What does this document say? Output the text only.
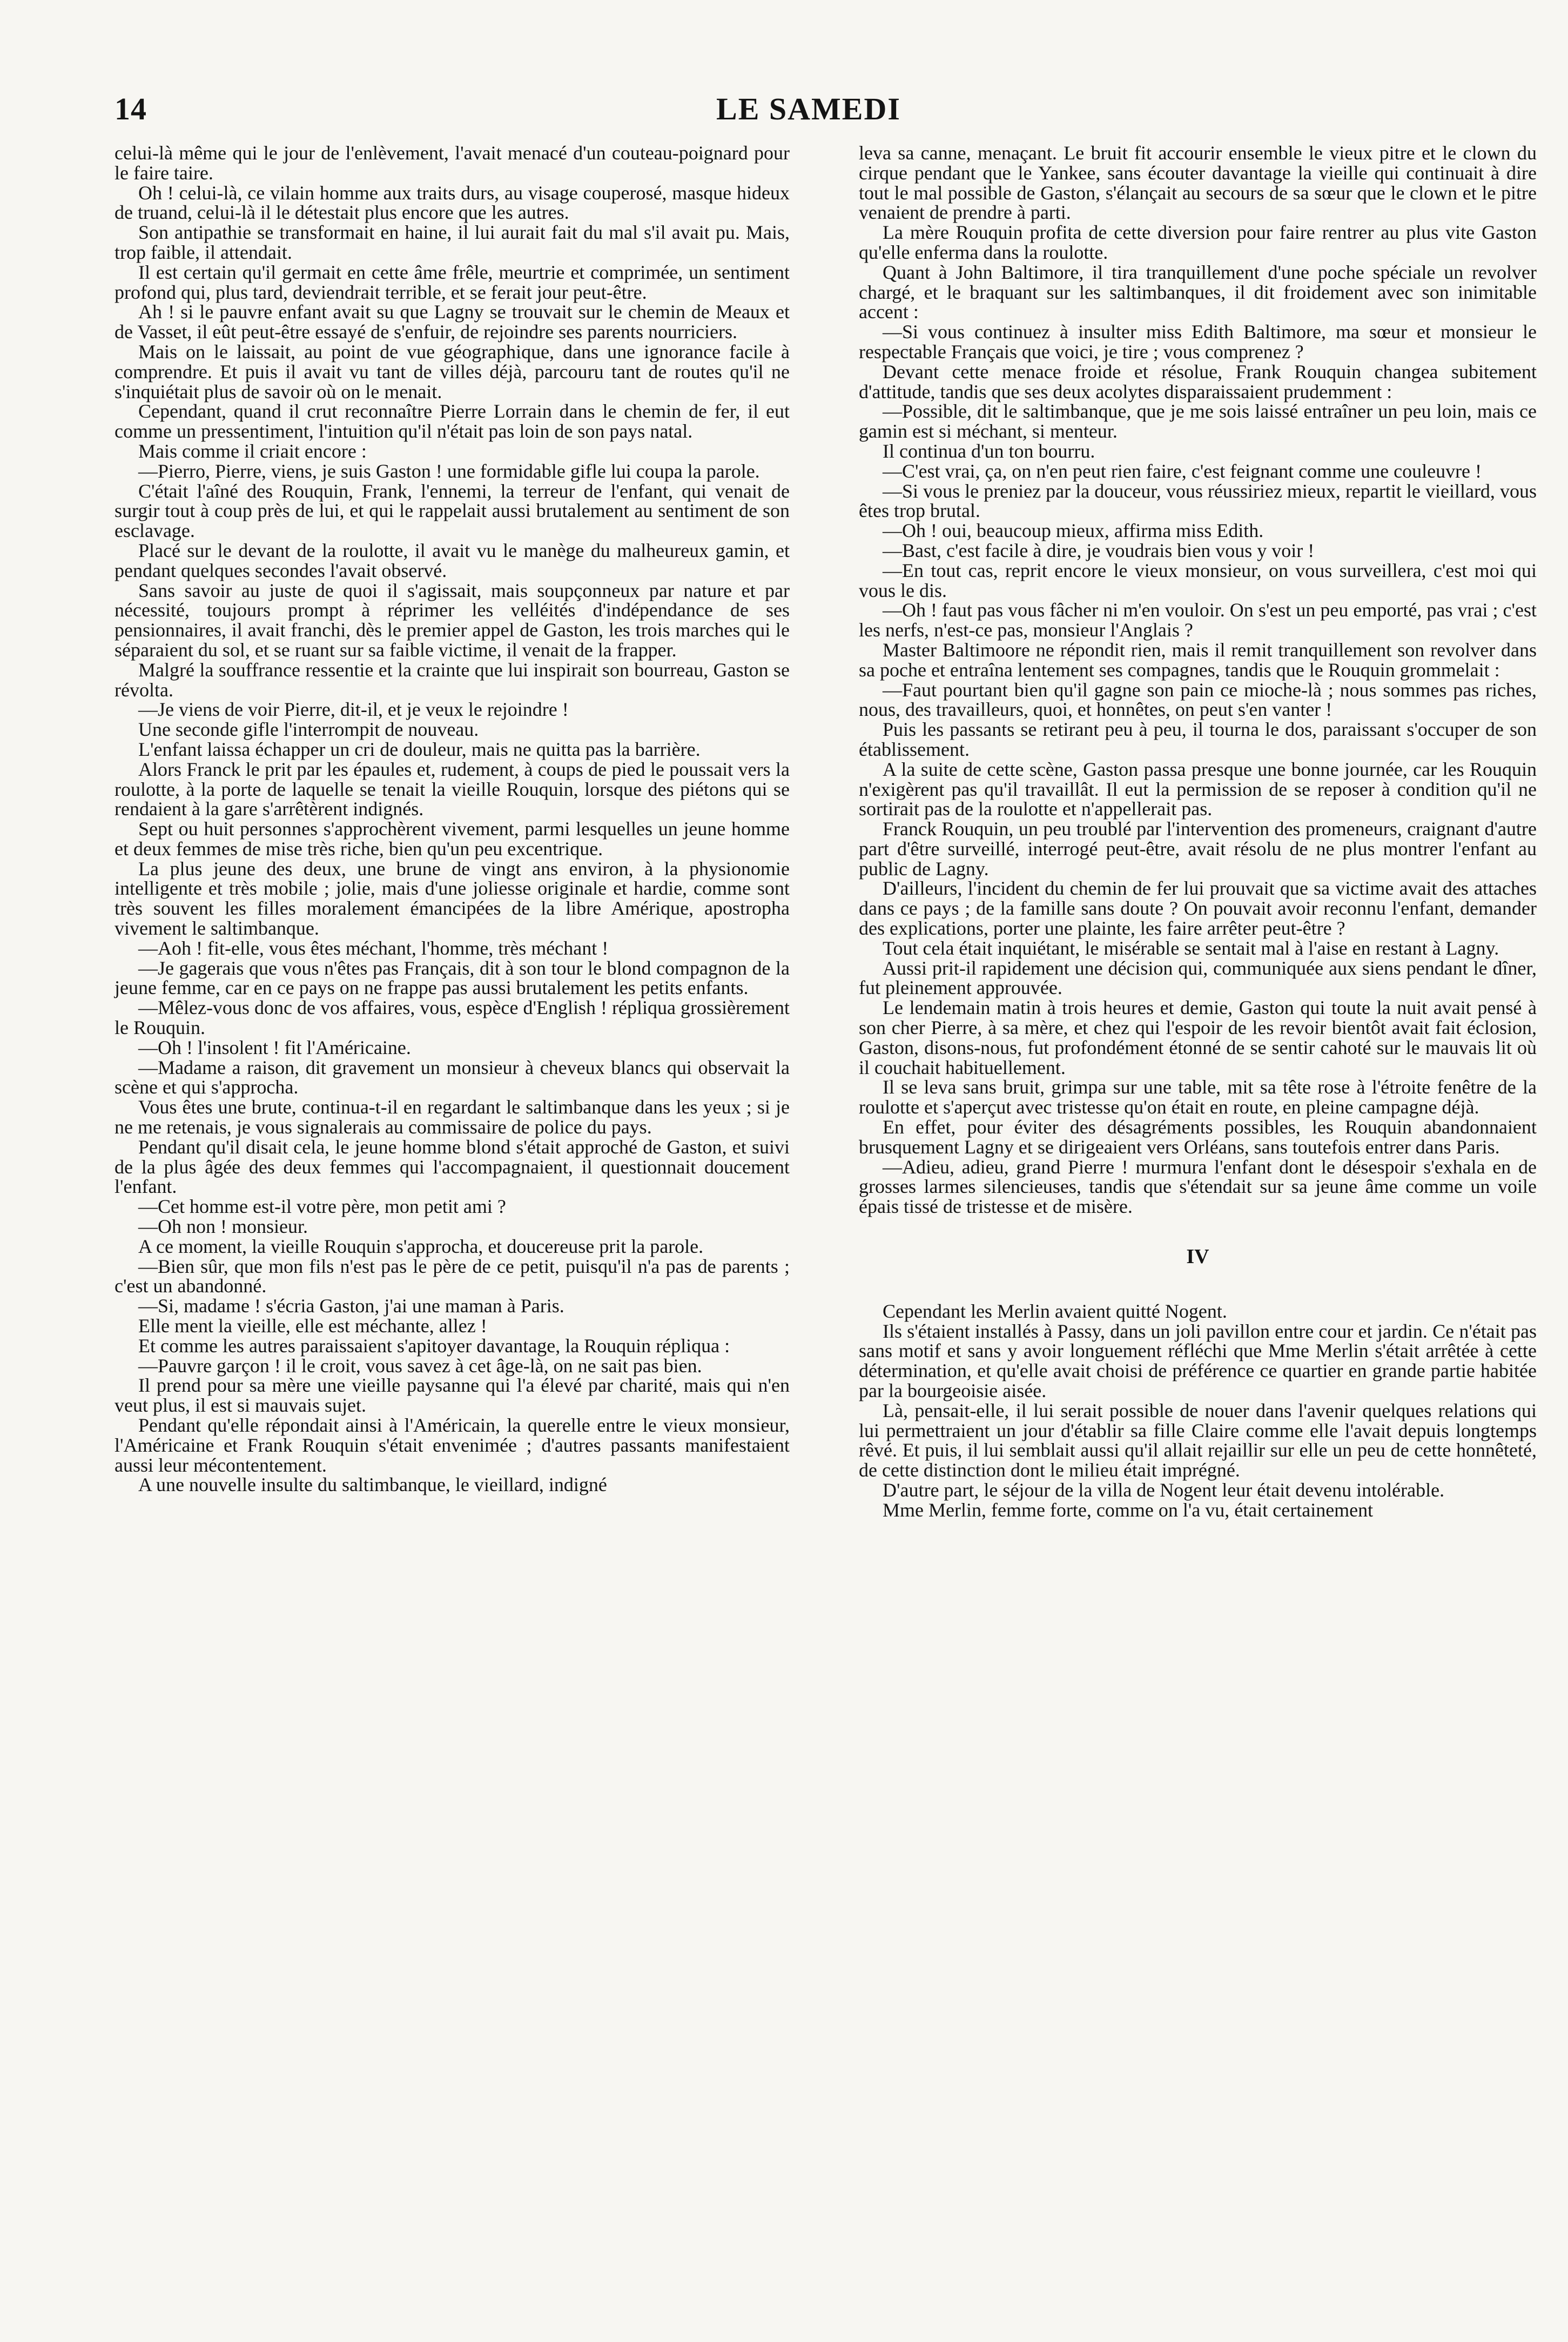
14	LE SAMEDI

celui-là même qui le jour de l'enlèvement, l'avait menacé d'un couteau-poignard pour le faire taire.

Oh ! celui-là, ce vilain homme aux traits durs, au visage couperosé, masque hideux de truand, celui-là il le détestait plus encore que les autres.

Son antipathie se transformait en haine, il lui aurait fait du mal s'il avait pu. Mais, trop faible, il attendait.

Il est certain qu'il germait en cette âme frêle, meurtrie et comprimée, un sentiment profond qui, plus tard, deviendrait terrible, et se ferait jour peut-être.

Ah ! si le pauvre enfant avait su que Lagny se trouvait sur le chemin de Meaux et de Vasset, il eût peut-être essayé de s'enfuir, de rejoindre ses parents nourriciers.

Mais on le laissait, au point de vue géographique, dans une ignorance facile à comprendre. Et puis il avait vu tant de villes déjà, parcouru tant de routes qu'il ne s'inquiétait plus de savoir où on le menait.

Cependant, quand il crut reconnaître Pierre Lorrain dans le chemin de fer, il eut comme un pressentiment, l'intuition qu'il n'était pas loin de son pays natal.

Mais comme il criait encore :

—Pierro, Pierre, viens, je suis Gaston ! une formidable gifle lui coupa la parole.

C'était l'aîné des Rouquin, Frank, l'ennemi, la terreur de l'enfant, qui venait de surgir tout à coup près de lui, et qui le rappelait aussi brutalement au sentiment de son esclavage.

Placé sur le devant de la roulotte, il avait vu le manège du malheureux gamin, et pendant quelques secondes l'avait observé.

Sans savoir au juste de quoi il s'agissait, mais soupçonneux par nature et par nécessité, toujours prompt à réprimer les velléités d'indépendance de ses pensionnaires, il avait franchi, dès le premier appel de Gaston, les trois marches qui le séparaient du sol, et se ruant sur sa faible victime, il venait de la frapper.

Malgré la souffrance ressentie et la crainte que lui inspirait son bourreau, Gaston se révolta.

—Je viens de voir Pierre, dit-il, et je veux le rejoindre !

Une seconde gifle l'interrompit de nouveau.

L'enfant laissa échapper un cri de douleur, mais ne quitta pas la barrière.

Alors Franck le prit par les épaules et, rudement, à coups de pied le poussait vers la roulotte, à la porte de laquelle se tenait la vieille Rouquin, lorsque des piétons qui se rendaient à la gare s'arrêtèrent indignés.

Sept ou huit personnes s'approchèrent vivement, parmi lesquelles un jeune homme et deux femmes de mise très riche, bien qu'un peu excentrique.

La plus jeune des deux, une brune de vingt ans environ, à la physionomie intelligente et très mobile ; jolie, mais d'une joliesse originale et hardie, comme sont très souvent les filles moralement émancipées de la libre Amérique, apostropha vivement le saltimbanque.

—Aoh ! fit-elle, vous êtes méchant, l'homme, très méchant !

—Je gagerais que vous n'êtes pas Français, dit à son tour le blond compagnon de la jeune femme, car en ce pays on ne frappe pas aussi brutalement les petits enfants.

—Mêlez-vous donc de vos affaires, vous, espèce d'English ! répliqua grossièrement le Rouquin.

—Oh ! l'insolent ! fit l'Américaine.

—Madame a raison, dit gravement un monsieur à cheveux blancs qui observait la scène et qui s'approcha.

Vous êtes une brute, continua-t-il en regardant le saltimbanque dans les yeux ; si je ne me retenais, je vous signalerais au commissaire de police du pays.

Pendant qu'il disait cela, le jeune homme blond s'était approché de Gaston, et suivi de la plus âgée des deux femmes qui l'accompagnaient, il questionnait doucement l'enfant.

—Cet homme est-il votre père, mon petit ami ?

—Oh non ! monsieur.

A ce moment, la vieille Rouquin s'approcha, et doucereuse prit la parole.

—Bien sûr, que mon fils n'est pas le père de ce petit, puisqu'il n'a pas de parents ; c'est un abandonné.

—Si, madame ! s'écria Gaston, j'ai une maman à Paris.

Elle ment la vieille, elle est méchante, allez !

Et comme les autres paraissaient s'apitoyer davantage, la Rouquin répliqua :

—Pauvre garçon ! il le croit, vous savez à cet âge-là, on ne sait pas bien.

Il prend pour sa mère une vieille paysanne qui l'a élevé par charité, mais qui n'en veut plus, il est si mauvais sujet.

Pendant qu'elle répondait ainsi à l'Américain, la querelle entre le vieux monsieur, l'Américaine et Frank Rouquin s'était envenimée ; d'autres passants manifestaient aussi leur mécontentement.

A une nouvelle insulte du saltimbanque, le vieillard, indigné

leva sa canne, menaçant. Le bruit fit accourir ensemble le vieux pitre et le clown du cirque pendant que le Yankee, sans écouter davantage la vieille qui continuait à dire tout le mal possible de Gaston, s'élançait au secours de sa sœur que le clown et le pitre venaient de prendre à parti.

La mère Rouquin profita de cette diversion pour faire rentrer au plus vite Gaston qu'elle enferma dans la roulotte.

Quant à John Baltimore, il tira tranquillement d'une poche spéciale un revolver chargé, et le braquant sur les saltimbanques, il dit froidement avec son inimitable accent :

—Si vous continuez à insulter miss Edith Baltimore, ma sœur et monsieur le respectable Français que voici, je tire ; vous comprenez ?

Devant cette menace froide et résolue, Frank Rouquin changea subitement d'attitude, tandis que ses deux acolytes disparaissaient prudemment :

—Possible, dit le saltimbanque, que je me sois laissé entraîner un peu loin, mais ce gamin est si méchant, si menteur.

Il continua d'un ton bourru.

—C'est vrai, ça, on n'en peut rien faire, c'est feignant comme une couleuvre !

—Si vous le preniez par la douceur, vous réussiriez mieux, repartit le vieillard, vous êtes trop brutal.

—Oh ! oui, beaucoup mieux, affirma miss Edith.

—Bast, c'est facile à dire, je voudrais bien vous y voir !

—En tout cas, reprit encore le vieux monsieur, on vous surveillera, c'est moi qui vous le dis.

—Oh ! faut pas vous fâcher ni m'en vouloir. On s'est un peu emporté, pas vrai ; c'est les nerfs, n'est-ce pas, monsieur l'Anglais ?

Master Baltimoore ne répondit rien, mais il remit tranquillement son revolver dans sa poche et entraîna lentement ses compagnes, tandis que le Rouquin grommelait :

—Faut pourtant bien qu'il gagne son pain ce mioche-là ; nous sommes pas riches, nous, des travailleurs, quoi, et honnêtes, on peut s'en vanter !

Puis les passants se retirant peu à peu, il tourna le dos, paraissant s'occuper de son établissement.

A la suite de cette scène, Gaston passa presque une bonne journée, car les Rouquin n'exigèrent pas qu'il travaillât. Il eut la permission de se reposer à condition qu'il ne sortirait pas de la roulotte et n'appellerait pas.

Franck Rouquin, un peu troublé par l'intervention des promeneurs, craignant d'autre part d'être surveillé, interrogé peut-être, avait résolu de ne plus montrer l'enfant au public de Lagny.

D'ailleurs, l'incident du chemin de fer lui prouvait que sa victime avait des attaches dans ce pays ; de la famille sans doute ? On pouvait avoir reconnu l'enfant, demander des explications, porter une plainte, les faire arrêter peut-être ?

Tout cela était inquiétant, le misérable se sentait mal à l'aise en restant à Lagny.

Aussi prit-il rapidement une décision qui, communiquée aux siens pendant le dîner, fut pleinement approuvée.

Le lendemain matin à trois heures et demie, Gaston qui toute la nuit avait pensé à son cher Pierre, à sa mère, et chez qui l'espoir de les revoir bientôt avait fait éclosion, Gaston, disons-nous, fut profondément étonné de se sentir cahoté sur le mauvais lit où il couchait habituellement.

Il se leva sans bruit, grimpa sur une table, mit sa tête rose à l'étroite fenêtre de la roulotte et s'aperçut avec tristesse qu'on était en route, en pleine campagne déjà.

En effet, pour éviter des désagréments possibles, les Rouquin abandonnaient brusquement Lagny et se dirigeaient vers Orléans, sans toutefois entrer dans Paris.

—Adieu, adieu, grand Pierre ! murmura l'enfant dont le désespoir s'exhala en de grosses larmes silencieuses, tandis que s'étendait sur sa jeune âme comme un voile épais tissé de tristesse et de misère.

IV

Cependant les Merlin avaient quitté Nogent.

Ils s'étaient installés à Passy, dans un joli pavillon entre cour et jardin. Ce n'était pas sans motif et sans y avoir longuement réfléchi que Mme Merlin s'était arrêtée à cette détermination, et qu'elle avait choisi de préférence ce quartier en grande partie habitée par la bourgeoisie aisée.

Là, pensait-elle, il lui serait possible de nouer dans l'avenir quelques relations qui lui permettraient un jour d'établir sa fille Claire comme elle l'avait depuis longtemps rêvé. Et puis, il lui semblait aussi qu'il allait rejaillir sur elle un peu de cette honnêteté, de cette distinction dont le milieu était imprégné.

D'autre part, le séjour de la villa de Nogent leur était devenu intolérable.

Mme Merlin, femme forte, comme on l'a vu, était certainement
